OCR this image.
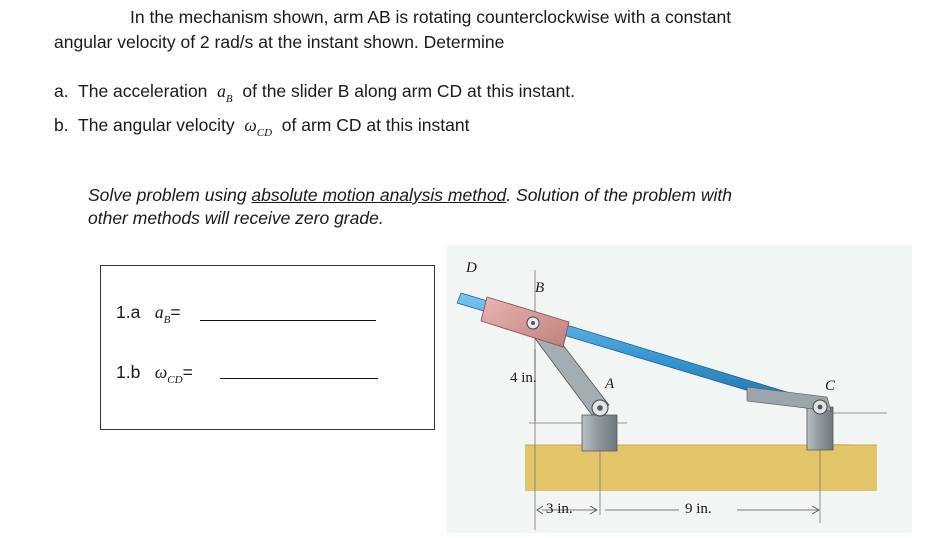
In the mechanism shown, arm AB is rotating counterclockwise with a constant
angular velocity of 2 rad/s at the instant shown. Determine
a. The acceleration $a_B$ of the slider B along arm CD at this instant.
b. The angular velocity $\omega_{CD}$ of arm CD at this instant
Solve problem using absolute motion analysis method. Solution of the problem with
other methods will receive zero grade.
1.a $a_B=$
1.b $\omega_{CD}=$
D
B
A	C
4 in.
3 in.	9 in.
